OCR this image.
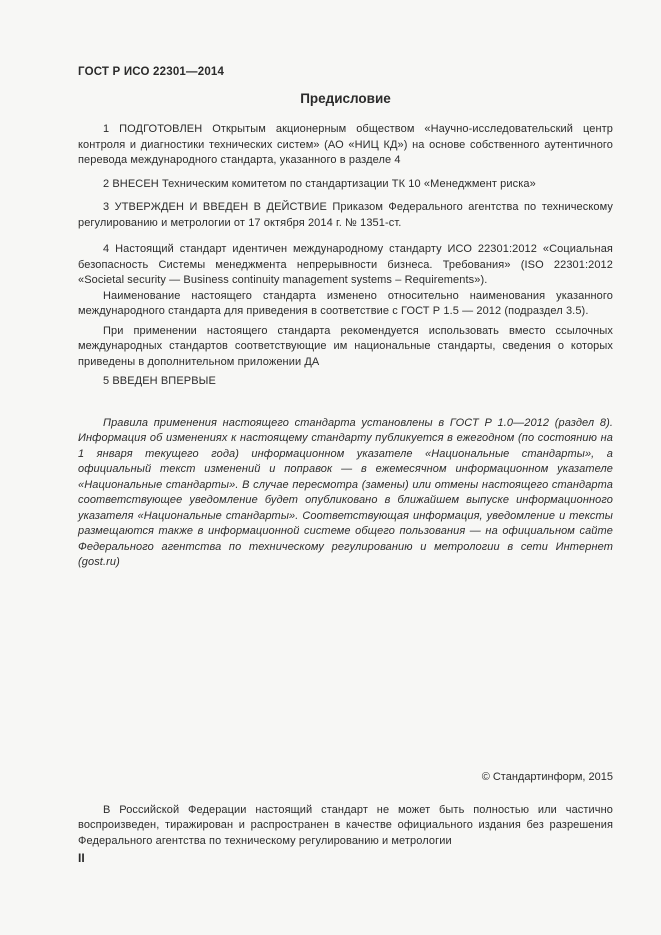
ГОСТ Р ИСО 22301—2014
Предисловие

1 ПОДГОТОВЛЕН Открытым акционерным обществом «Научно-исследовательский центр контроля и диагностики технических систем» (АО «НИЦ КД») на основе собственного аутентичного перевода международного стандарта, указанного в разделе 4

2 ВНЕСЕН Техническим комитетом по стандартизации ТК 10 «Менеджмент риска»

3 УТВЕРЖДЕН И ВВЕДЕН В ДЕЙСТВИЕ Приказом Федерального агентства по техническому регулированию и метрологии от 17 октября 2014 г. № 1351-ст.

4 Настоящий стандарт идентичен международному стандарту ИСО 22301:2012 «Социальная безопасность Системы менеджмента непрерывности бизнеса. Требования» (ISO 22301:2012 «Societal security — Business continuity management systems – Requirements»).

Наименование настоящего стандарта изменено относительно наименования указанного международного стандарта для приведения в соответствие с ГОСТ Р 1.5 — 2012 (подраздел 3.5).

При применении настоящего стандарта рекомендуется использовать вместо ссылочных международных стандартов соответствующие им национальные стандарты, сведения о которых приведены в дополнительном приложении ДА

5 ВВЕДЕН ВПЕРВЫЕ

Правила применения настоящего стандарта установлены в ГОСТ Р 1.0—2012 (раздел 8). Информация об изменениях к настоящему стандарту публикуется в ежегодном (по состоянию на 1 января текущего года) информационном указателе «Национальные стандарты», а официальный текст изменений и поправок — в ежемесячном информационном указателе «Национальные стандарты». В случае пересмотра (замены) или отмены настоящего стандарта соответствующее уведомление будет опубликовано в ближайшем выпуске информационного указателя «Национальные стандарты». Соответствующая информация, уведомление и тексты размещаются также в информационной системе общего пользования — на официальном сайте Федерального агентства по техническому регулированию и метрологии в сети Интернет (gost.ru)

© Стандартинформ, 2015

В Российской Федерации настоящий стандарт не может быть полностью или частично воспроизведен, тиражирован и распространен в качестве официального издания без разрешения Федерального агентства по техническому регулированию и метрологии

II
